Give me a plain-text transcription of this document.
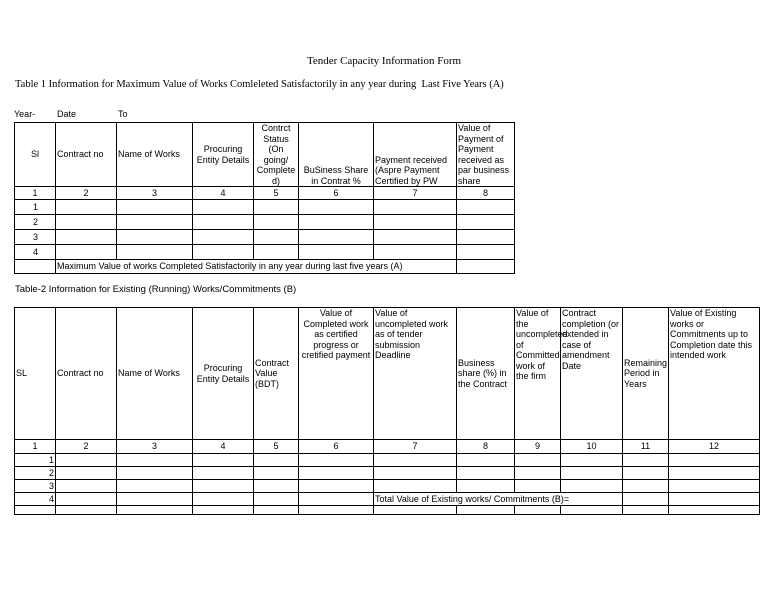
Tender Capacity Information Form
Table 1 Information for Maximum Value of Works Comleleted Satisfactorily in any year during  Last Five Years (A)
Year- Date	To
Sl	Contract no	Name of Works	Procuring Entity Details	Contrct Status (On going/ Complete d)	BuSiness Share in Contrat %	Payment received (Aspre Payment Certified by PW	Value of Payment of Payment received as par business share
1	2	3	4	5	6	7	8
1							
2							
3							
4							
	Maximum Value of works Completed Satisfactorily in any year during last five years (A)						
Table-2 Information for Existing (Running) Works/Commitments (B)
SL	Contract no	Name of Works	Procuring Entity Details	Contract Value (BDT)	Value of Completed work as certified progress or cretified payment	Value of uncompleted work as of tender submission Deadline	Business share (%) in the Contract	Value of the uncompleted of Committed work of the firm	Contract completion (or extended in case of amendment Date	Remaining Period in Years	Value of Existing works or Commitments up to Completion date this intended work
1	2	3	4	5	6	7	8	9	10	11	12
1											
2											
3											
4						Total Value of Existing works/ Commitments (B)=					
